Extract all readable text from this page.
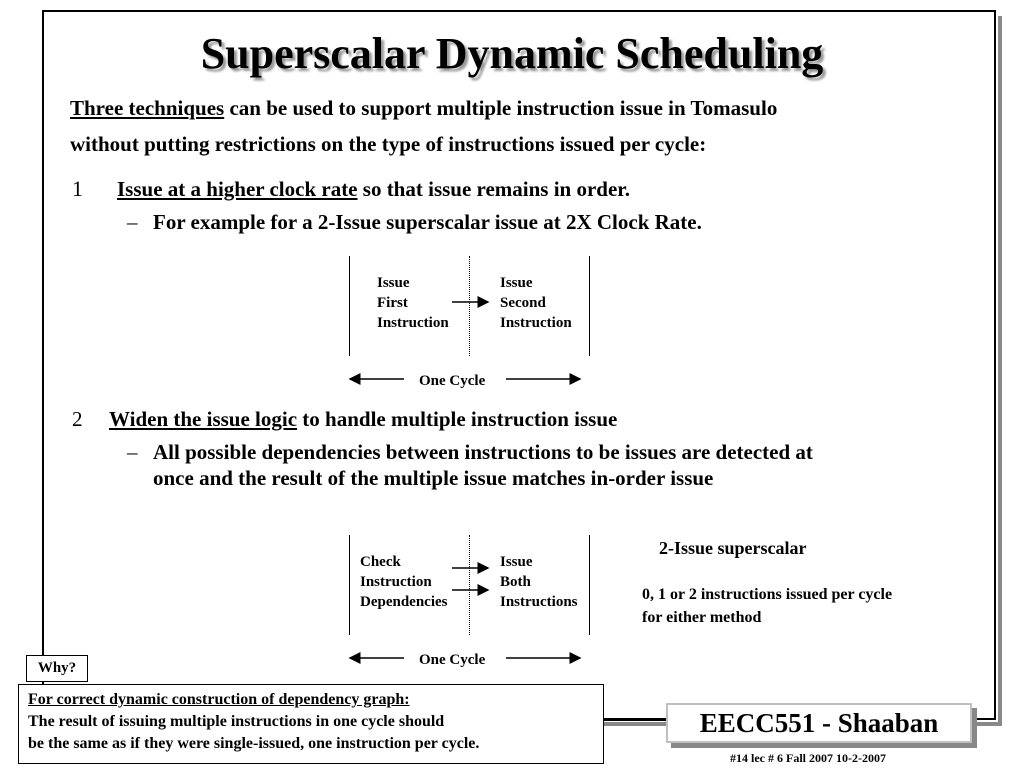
Superscalar Dynamic Scheduling
Three techniques can be used to support multiple instruction issue in Tomasulo
without putting restrictions on the type of instructions issued per cycle:
1 Issue at a higher clock rate so that issue remains in order.
– For example for a 2-Issue superscalar issue at 2X Clock Rate.
Issue
First
Instruction
Issue
Second
Instruction
One Cycle
2 Widen the issue logic to handle multiple instruction issue
– All possible dependencies between instructions to be issues are detected at
once and the result of the multiple issue matches in-order issue
Check
Instruction
Dependencies
Issue
Both
Instructions
One Cycle
2-Issue superscalar
0, 1 or 2 instructions issued per cycle
for either method
Why?
For correct dynamic construction of dependency graph:
The result of issuing multiple instructions in one cycle should
be the same as if they were single-issued, one instruction per cycle.
EECC551 - Shaaban
#14 lec # 6 Fall 2007 10-2-2007
